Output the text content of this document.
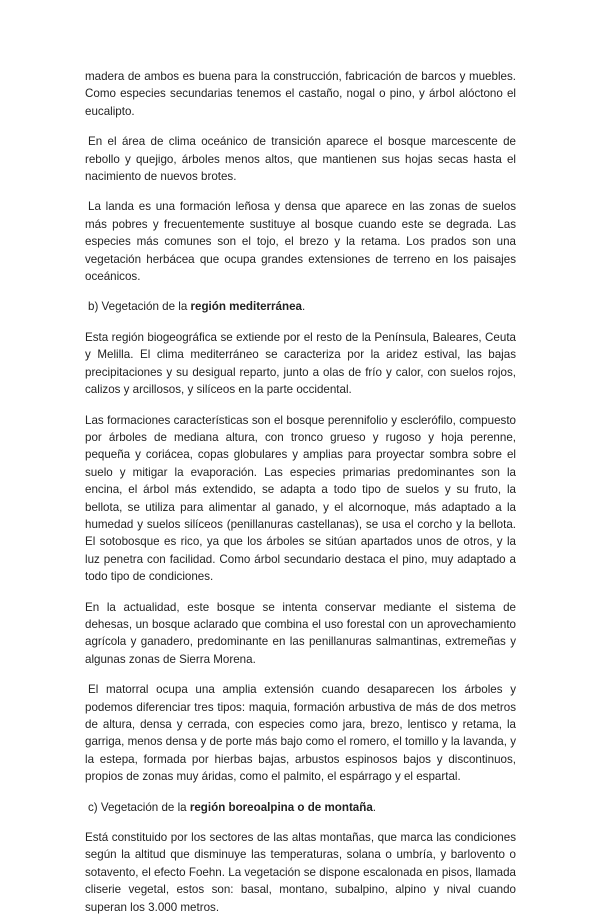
madera de ambos es buena para la construcción, fabricación de barcos y muebles. Como especies secundarias tenemos el castaño, nogal o pino, y árbol alóctono el eucalipto.

En el área de clima oceánico de transición aparece el bosque marcescente de rebollo y quejigo, árboles menos altos, que mantienen sus hojas secas hasta el nacimiento de nuevos brotes.

La landa es una formación leñosa y densa que aparece en las zonas de suelos más pobres y frecuentemente sustituye al bosque cuando este se degrada. Las especies más comunes son el tojo, el brezo y la retama. Los prados son una vegetación herbácea que ocupa grandes extensiones de terreno en los paisajes oceánicos.

b) Vegetación de la región mediterránea.

Esta región biogeográfica se extiende por el resto de la Península, Baleares, Ceuta y Melilla. El clima mediterráneo se caracteriza por la aridez estival, las bajas precipitaciones y su desigual reparto, junto a olas de frío y calor, con suelos rojos, calizos y arcillosos, y silíceos en la parte occidental.

Las formaciones características son el bosque perennifolio y esclerófilo, compuesto por árboles de mediana altura, con tronco grueso y rugoso y hoja perenne, pequeña y coriácea, copas globulares y amplias para proyectar sombra sobre el suelo y mitigar la evaporación. Las especies primarias predominantes son la encina, el árbol más extendido, se adapta a todo tipo de suelos y su fruto, la bellota, se utiliza para alimentar al ganado, y el alcornoque, más adaptado a la humedad y suelos silíceos (penillanuras castellanas), se usa el corcho y la bellota. El sotobosque es rico, ya que los árboles se sitúan apartados unos de otros, y la luz penetra con facilidad. Como árbol secundario destaca el pino, muy adaptado a todo tipo de condiciones.

En la actualidad, este bosque se intenta conservar mediante el sistema de dehesas, un bosque aclarado que combina el uso forestal con un aprovechamiento agrícola y ganadero, predominante en las penillanuras salmantinas, extremeñas y algunas zonas de Sierra Morena.

El matorral ocupa una amplia extensión cuando desaparecen los árboles y podemos diferenciar tres tipos: maquia, formación arbustiva de más de dos metros de altura, densa y cerrada, con especies como jara, brezo, lentisco y retama, la garriga, menos densa y de porte más bajo como el romero, el tomillo y la lavanda, y la estepa, formada por hierbas bajas, arbustos espinosos bajos y discontinuos, propios de zonas muy áridas, como el palmito, el espárrago y el espartal.

c) Vegetación de la región boreoalpina o de montaña.

Está constituido por los sectores de las altas montañas, que marca las condiciones según la altitud que disminuye las temperaturas, solana o umbría, y barlovento o sotavento, el efecto Foehn. La vegetación se dispone escalonada en pisos, llamada cliserie vegetal, estos son: basal, montano, subalpino, alpino y nival cuando superan los 3.000 metros.
